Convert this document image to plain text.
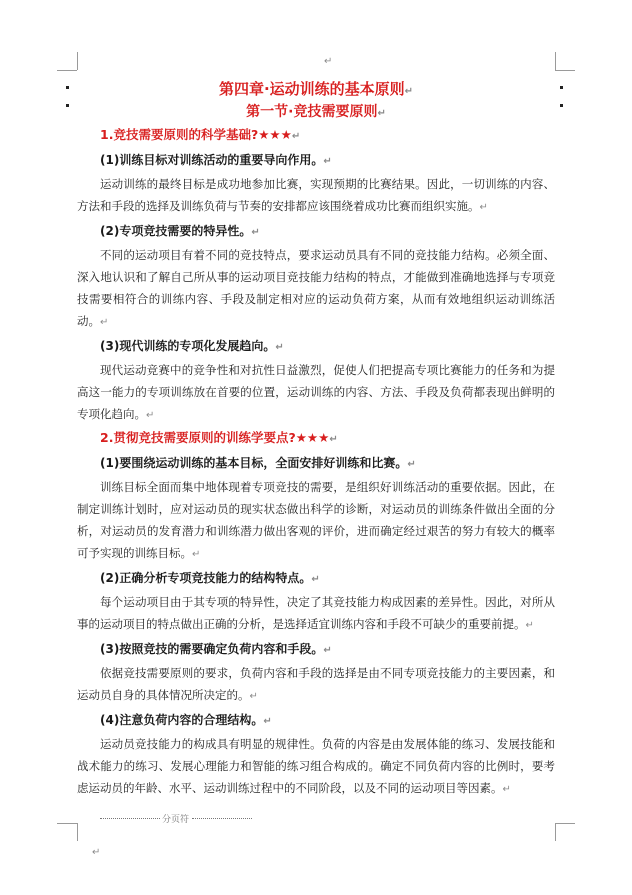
↵
第四章·运动训练的基本原则↵
第一节·竞技需要原则↵
1.竞技需要原则的科学基础?★★★↵
(1)训练目标对训练活动的重要导向作用。↵

运动训练的最终目标是成功地参加比赛，实现预期的比赛结果。因此，一切训练的内容、方法和手段的选择及训练负荷与节奏的安排都应该围绕着成功比赛而组织实施。↵

(2)专项竞技需要的特异性。↵

不同的运动项目有着不同的竞技特点，要求运动员具有不同的竞技能力结构。必须全面、深入地认识和了解自己所从事的运动项目竞技能力结构的特点，才能做到准确地选择与专项竞技需要相符合的训练内容、手段及制定相对应的运动负荷方案，从而有效地组织运动训练活动。↵

(3)现代训练的专项化发展趋向。↵

现代运动竞赛中的竞争性和对抗性日益激烈，促使人们把提高专项比赛能力的任务和为提高这一能力的专项训练放在首要的位置，运动训练的内容、方法、手段及负荷都表现出鲜明的专项化趋向。↵

2.贯彻竞技需要原则的训练学要点?★★★↵
(1)要围绕运动训练的基本目标，全面安排好训练和比赛。↵

训练目标全面而集中地体现着专项竞技的需要，是组织好训练活动的重要依据。因此，在制定训练计划时，应对运动员的现实状态做出科学的诊断，对运动员的训练条件做出全面的分析，对运动员的发育潜力和训练潜力做出客观的评价，进而确定经过艰苦的努力有较大的概率可予实现的训练目标。↵

(2)正确分析专项竞技能力的结构特点。↵

每个运动项目由于其专项的特异性，决定了其竞技能力构成因素的差异性。因此，对所从事的运动项目的特点做出正确的分析，是选择适宜训练内容和手段不可缺少的重要前提。↵

(3)按照竞技的需要确定负荷内容和手段。↵

依据竞技需要原则的要求，负荷内容和手段的选择是由不同专项竞技能力的主要因素，和运动员自身的具体情况所决定的。↵

(4)注意负荷内容的合理结构。↵

运动员竞技能力的构成具有明显的规律性。负荷的内容是由发展体能的练习、发展技能和战术能力的练习、发展心理能力和智能的练习组合构成的。确定不同负荷内容的比例时，要考虑运动员的年龄、水平、运动训练过程中的不同阶段，以及不同的运动项目等因素。↵

分页符
↵
